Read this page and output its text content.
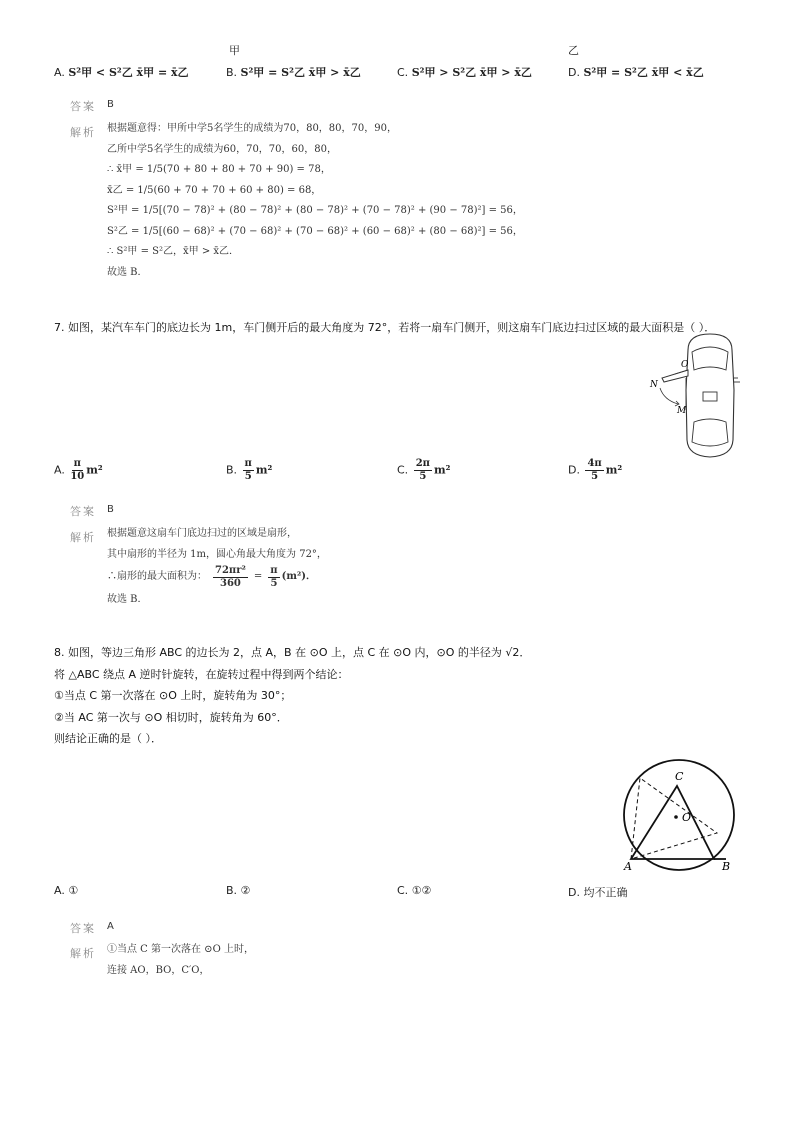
甲	乙
A. S²甲 < S²乙 x̄甲 = x̄乙	B. S²甲 = S²乙 x̄甲 > x̄乙	C. S²甲 > S²乙 x̄甲 > x̄乙	D. S²甲 = S²乙 x̄甲 < x̄乙
答案 B
解析 根据题意得：甲所中学5名学生的成绩为70，80，80，70，90，
乙所中学5名学生的成绩为60，70，70，60，80，
∴ x̄甲 = 1/5(70 + 80 + 80 + 70 + 90) = 78，
x̄乙 = 1/5(60 + 70 + 70 + 60 + 80) = 68，
S²甲 = 1/5[(70 − 78)² + (80 − 78)² + (80 − 78)² + (70 − 78)² + (90 − 78)²] = 56，
S²乙 = 1/5[(60 − 68)² + (70 − 68)² + (70 − 68)² + (60 − 68)² + (80 − 68)²] = 56，
∴ S²甲 = S²乙，x̄甲 > x̄乙．
故选 B．
7. 如图，某汽车车门的底边长为 1m，车门侧开后的最大角度为 72°，若将一扇车门侧开，则这扇车门底边扫过区域的最大面积是（ ）．
O
N
M
A. $\frac{\pi}{10} m^2$	B. $\frac{\pi}{5} m^2$	C. $\frac{2\pi}{5} m^2$	D. $\frac{4\pi}{5} m^2$
答案 B
解析 根据题意这扇车门底边扫过的区域是扇形，
其中扇形的半径为 1m，圆心角最大角度为 72°，
∴扇形的最大面积为： $\frac{\text{72πr²}}{360} = \frac{\pi}{5} (m^2)$．
故选 B．
8. 如图，等边三角形 ABC 的边长为 2，点 A，B 在 ⊙O 上，点 C 在 ⊙O 内，⊙O 的半径为 √2．
将 △ABC 绕点 A 逆时针旋转，在旋转过程中得到两个结论：
①当点 C 第一次落在 ⊙O 上时，旋转角为 30°；
②当 AC 第一次与 ⊙O 相切时，旋转角为 60°．
则结论正确的是（ ）．
C
O
A	B
A. ①	B. ②	C. ①②	D. 均不正确
答案 A
解析 ①当点 C 第一次落在 ⊙O 上时，
连接 AO，BO，C′O，
